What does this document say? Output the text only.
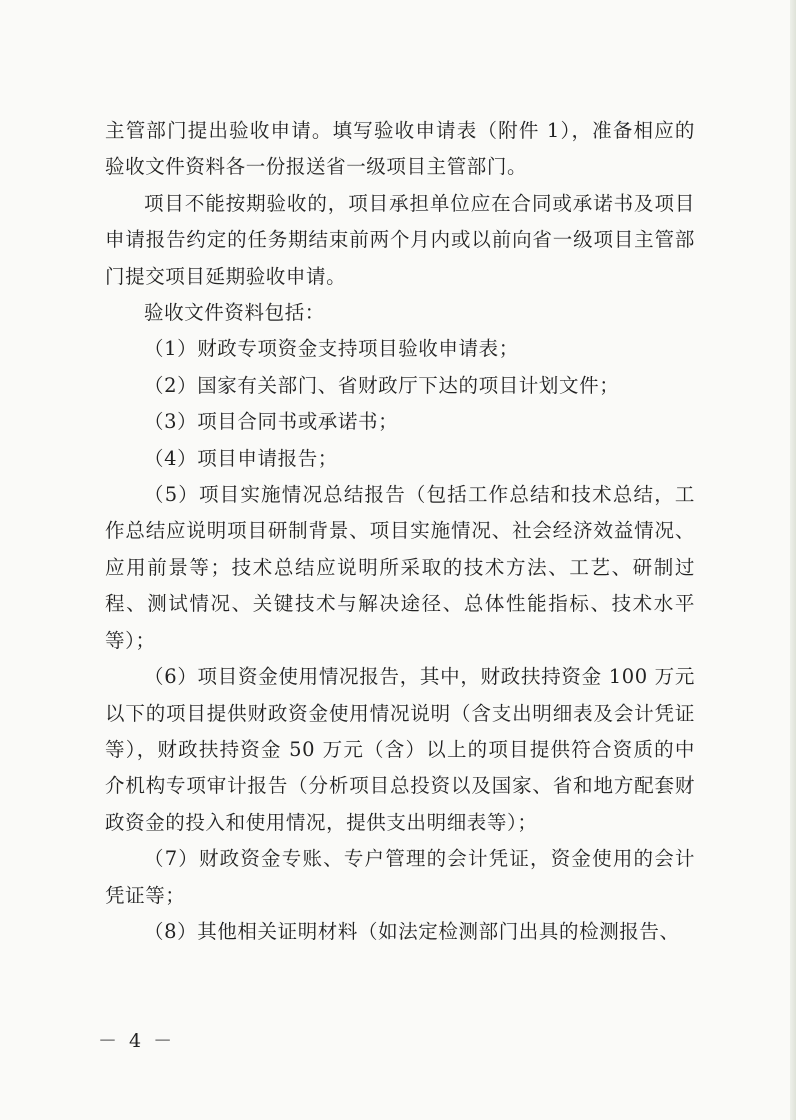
主管部门提出验收申请。填写验收申请表（附件 1），准备相应的验收文件资料各一份报送省一级项目主管部门。

项目不能按期验收的，项目承担单位应在合同或承诺书及项目申请报告约定的任务期结束前两个月内或以前向省一级项目主管部门提交项目延期验收申请。

验收文件资料包括：

（1）财政专项资金支持项目验收申请表；

（2）国家有关部门、省财政厅下达的项目计划文件；

（3）项目合同书或承诺书；

（4）项目申请报告；

（5）项目实施情况总结报告（包括工作总结和技术总结，工作总结应说明项目研制背景、项目实施情况、社会经济效益情况、应用前景等；技术总结应说明所采取的技术方法、工艺、研制过程、测试情况、关键技术与解决途径、总体性能指标、技术水平等）；

（6）项目资金使用情况报告，其中，财政扶持资金 100 万元以下的项目提供财政资金使用情况说明（含支出明细表及会计凭证等），财政扶持资金 50 万元（含）以上的项目提供符合资质的中介机构专项审计报告（分析项目总投资以及国家、省和地方配套财政资金的投入和使用情况，提供支出明细表等）；

（7）财政资金专账、专户管理的会计凭证，资金使用的会计凭证等；

（8）其他相关证明材料（如法定检测部门出具的检测报告、

－ 4 －
